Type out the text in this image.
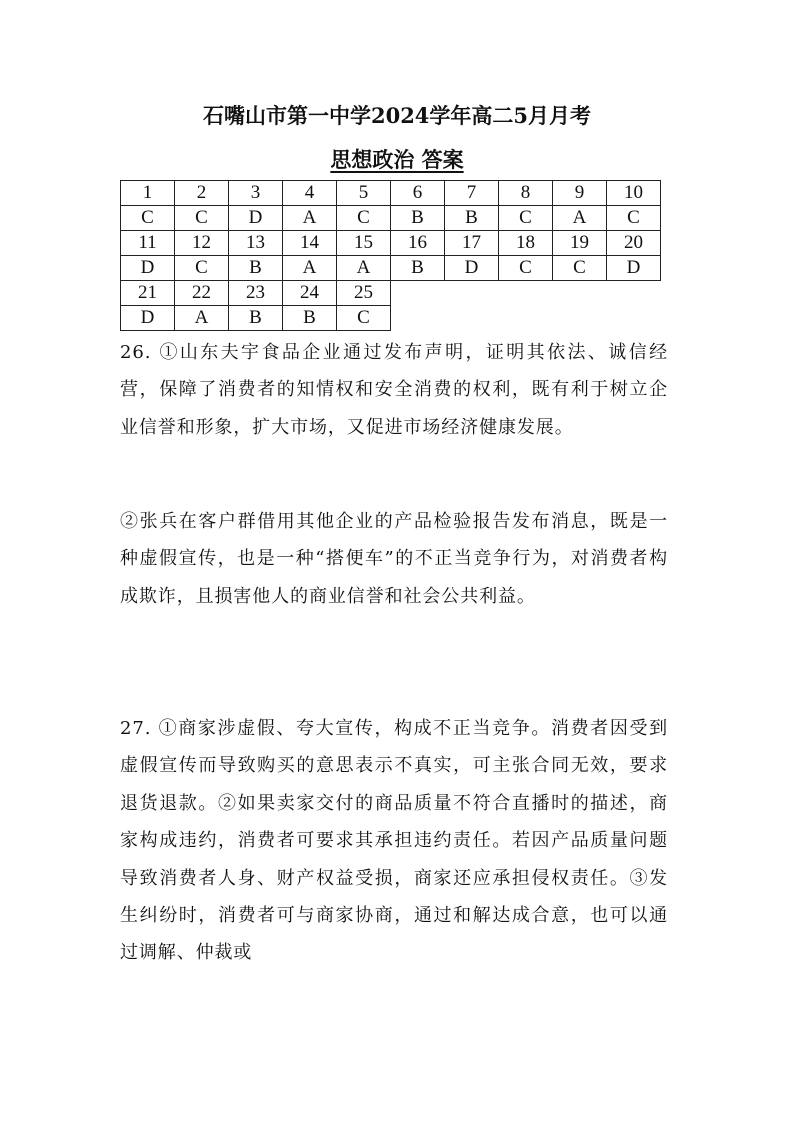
石嘴山市第一中学2024学年高二5月月考
思想政治 答案
1	2	3	4	5	6	7	8	9	10
C	C	D	A	C	B	B	C	A	C
11	12	13	14	15	16	17	18	19	20
D	C	B	A	A	B	D	C	C	D
21	22	23	24	25					
D	A	B	B	C					
26. ①山东夫宇食品企业通过发布声明，证明其依法、诚信经营，保障了消费者的知情权和安全消费的权利，既有利于树立企业信誉和形象，扩大市场，又促进市场经济健康发展。
②张兵在客户群借用其他企业的产品检验报告发布消息，既是一种虚假宣传，也是一种“搭便车”的不正当竞争行为，对消费者构成欺诈，且损害他人的商业信誉和社会公共利益。
27. ①商家涉虚假、夸大宣传，构成不正当竞争。消费者因受到虚假宣传而导致购买的意思表示不真实，可主张合同无效，要求退货退款。②如果卖家交付的商品质量不符合直播时的描述，商家构成违约，消费者可要求其承担违约责任。若因产品质量问题导致消费者人身、财产权益受损，商家还应承担侵权责任。③发生纠纷时，消费者可与商家协商，通过和解达成合意，也可以通过调解、仲裁或
